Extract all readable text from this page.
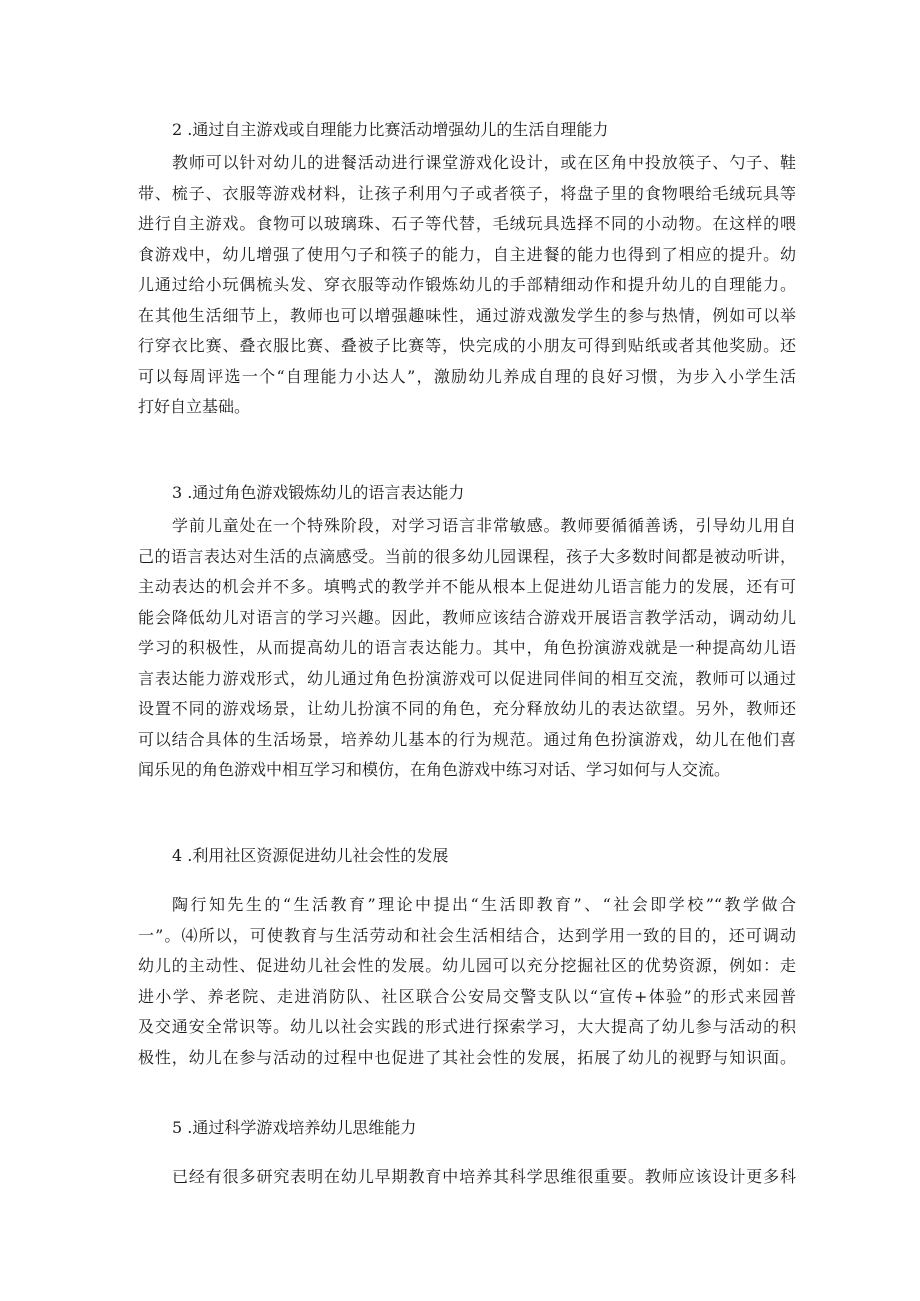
2 .通过自主游戏或自理能力比赛活动增强幼儿的生活自理能力
教师可以针对幼儿的进餐活动进行课堂游戏化设计，或在区角中投放筷子、勺子、鞋
带、梳子、衣服等游戏材料，让孩子利用勺子或者筷子，将盘子里的食物喂给毛绒玩具等
进行自主游戏。食物可以玻璃珠、石子等代替，毛绒玩具选择不同的小动物。在这样的喂
食游戏中，幼儿增强了使用勺子和筷子的能力，自主进餐的能力也得到了相应的提升。幼
儿通过给小玩偶梳头发、穿衣服等动作锻炼幼儿的手部精细动作和提升幼儿的自理能力。
在其他生活细节上，教师也可以增强趣味性，通过游戏激发学生的参与热情，例如可以举
行穿衣比赛、叠衣服比赛、叠被子比赛等，快完成的小朋友可得到贴纸或者其他奖励。还
可以每周评选一个“自理能力小达人”，激励幼儿养成自理的良好习惯，为步入小学生活
打好自立基础。
3 .通过角色游戏锻炼幼儿的语言表达能力
学前儿童处在一个特殊阶段，对学习语言非常敏感。教师要循循善诱，引导幼儿用自
己的语言表达对生活的点滴感受。当前的很多幼儿园课程，孩子大多数时间都是被动听讲，
主动表达的机会并不多。填鸭式的教学并不能从根本上促进幼儿语言能力的发展，还有可
能会降低幼儿对语言的学习兴趣。因此，教师应该结合游戏开展语言教学活动，调动幼儿
学习的积极性，从而提高幼儿的语言表达能力。其中，角色扮演游戏就是一种提高幼儿语
言表达能力游戏形式，幼儿通过角色扮演游戏可以促进同伴间的相互交流，教师可以通过
设置不同的游戏场景，让幼儿扮演不同的角色，充分释放幼儿的表达欲望。另外，教师还
可以结合具体的生活场景，培养幼儿基本的行为规范。通过角色扮演游戏，幼儿在他们喜
闻乐见的角色游戏中相互学习和模仿，在角色游戏中练习对话、学习如何与人交流。
4 .利用社区资源促进幼儿社会性的发展
陶行知先生的“生活教育”理论中提出“生活即教育”、“社会即学校”“教学做合
一”。⑷所以，可使教育与生活劳动和社会生活相结合，达到学用一致的目的，还可调动
幼儿的主动性、促进幼儿社会性的发展。幼儿园可以充分挖掘社区的优势资源，例如：走
进小学、养老院、走进消防队、社区联合公安局交警支队以“宣传+体验”的形式来园普
及交通安全常识等。幼儿以社会实践的形式进行探索学习，大大提高了幼儿参与活动的积
极性，幼儿在参与活动的过程中也促进了其社会性的发展，拓展了幼儿的视野与知识面。
5 .通过科学游戏培养幼儿思维能力
已经有很多研究表明在幼儿早期教育中培养其科学思维很重要。教师应该设计更多科
